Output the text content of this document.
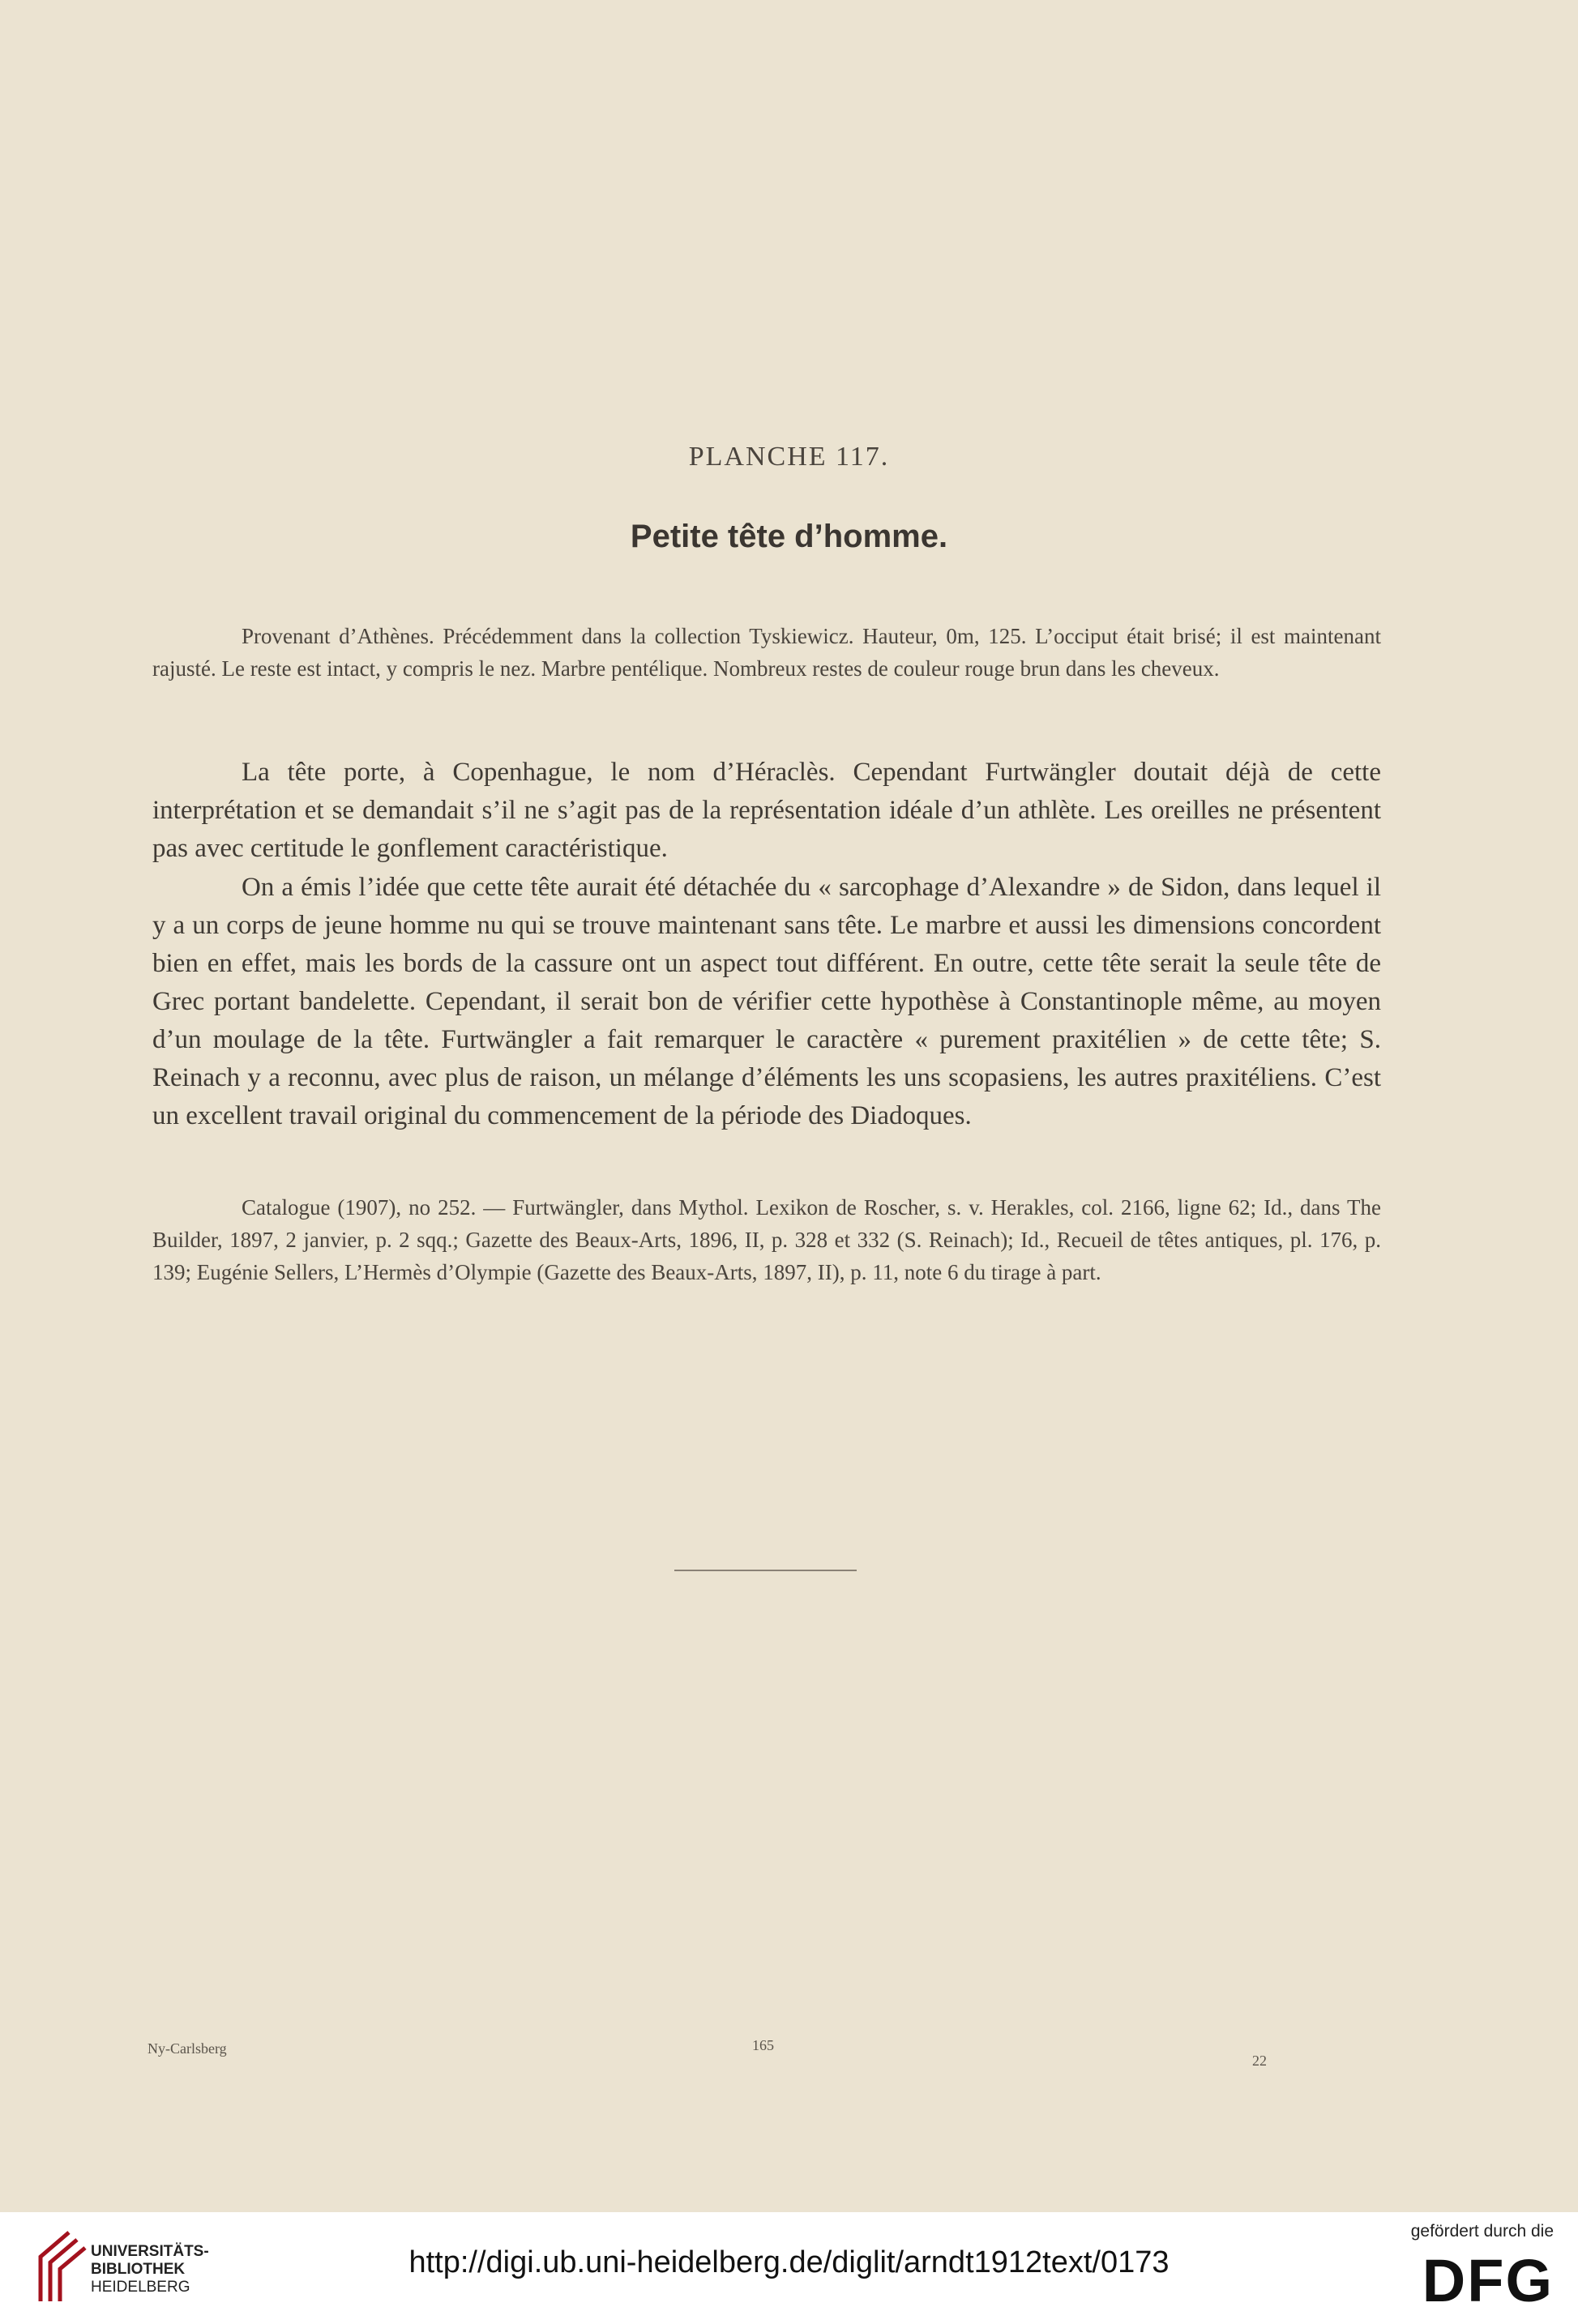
PLANCHE 117.
Petite tête d’homme.
Provenant d’Athènes. Précédemment dans la collection Tyskiewicz. Hauteur, 0m, 125. L’occiput était brisé; il est maintenant rajusté. Le reste est intact, y compris le nez. Marbre pentélique. Nombreux restes de couleur rouge brun dans les cheveux.
La tête porte, à Copenhague, le nom d’Héraclès. Cependant Furtwängler doutait déjà de cette interprétation et se demandait s’il ne s’agit pas de la représentation idéale d’un athlète. Les oreilles ne présentent pas avec certitude le gonflement caractéristique.
On a émis l’idée que cette tête aurait été détachée du « sarcophage d’Alexandre » de Sidon, dans lequel il y a un corps de jeune homme nu qui se trouve maintenant sans tête. Le marbre et aussi les dimensions concordent bien en effet, mais les bords de la cassure ont un aspect tout différent. En outre, cette tête serait la seule tête de Grec portant bandelette. Cependant, il serait bon de vérifier cette hypothèse à Constantinople même, au moyen d’un moulage de la tête. Furtwängler a fait remarquer le caractère « purement praxitélien » de cette tête; S. Reinach y a reconnu, avec plus de raison, un mélange d’éléments les uns scopasiens, les autres praxitéliens. C’est un excellent travail original du commencement de la période des Diadoques.
Catalogue (1907), no 252. — Furtwängler, dans Mythol. Lexikon de Roscher, s. v. Herakles, col. 2166, ligne 62; Id., dans The Builder, 1897, 2 janvier, p. 2 sqq.; Gazette des Beaux-Arts, 1896, II, p. 328 et 332 (S. Reinach); Id., Recueil de têtes antiques, pl. 176, p. 139; Eugénie Sellers, L’Hermès d’Olympie (Gazette des Beaux-Arts, 1897, II), p. 11, note 6 du tirage à part.
Ny-Carlsberg	165
22
UNIVERSITÄTS-
BIBLIOTHEK
HEIDELBERG
http://digi.ub.uni-heidelberg.de/diglit/arndt1912text/0173
gefördert durch die
DFG
